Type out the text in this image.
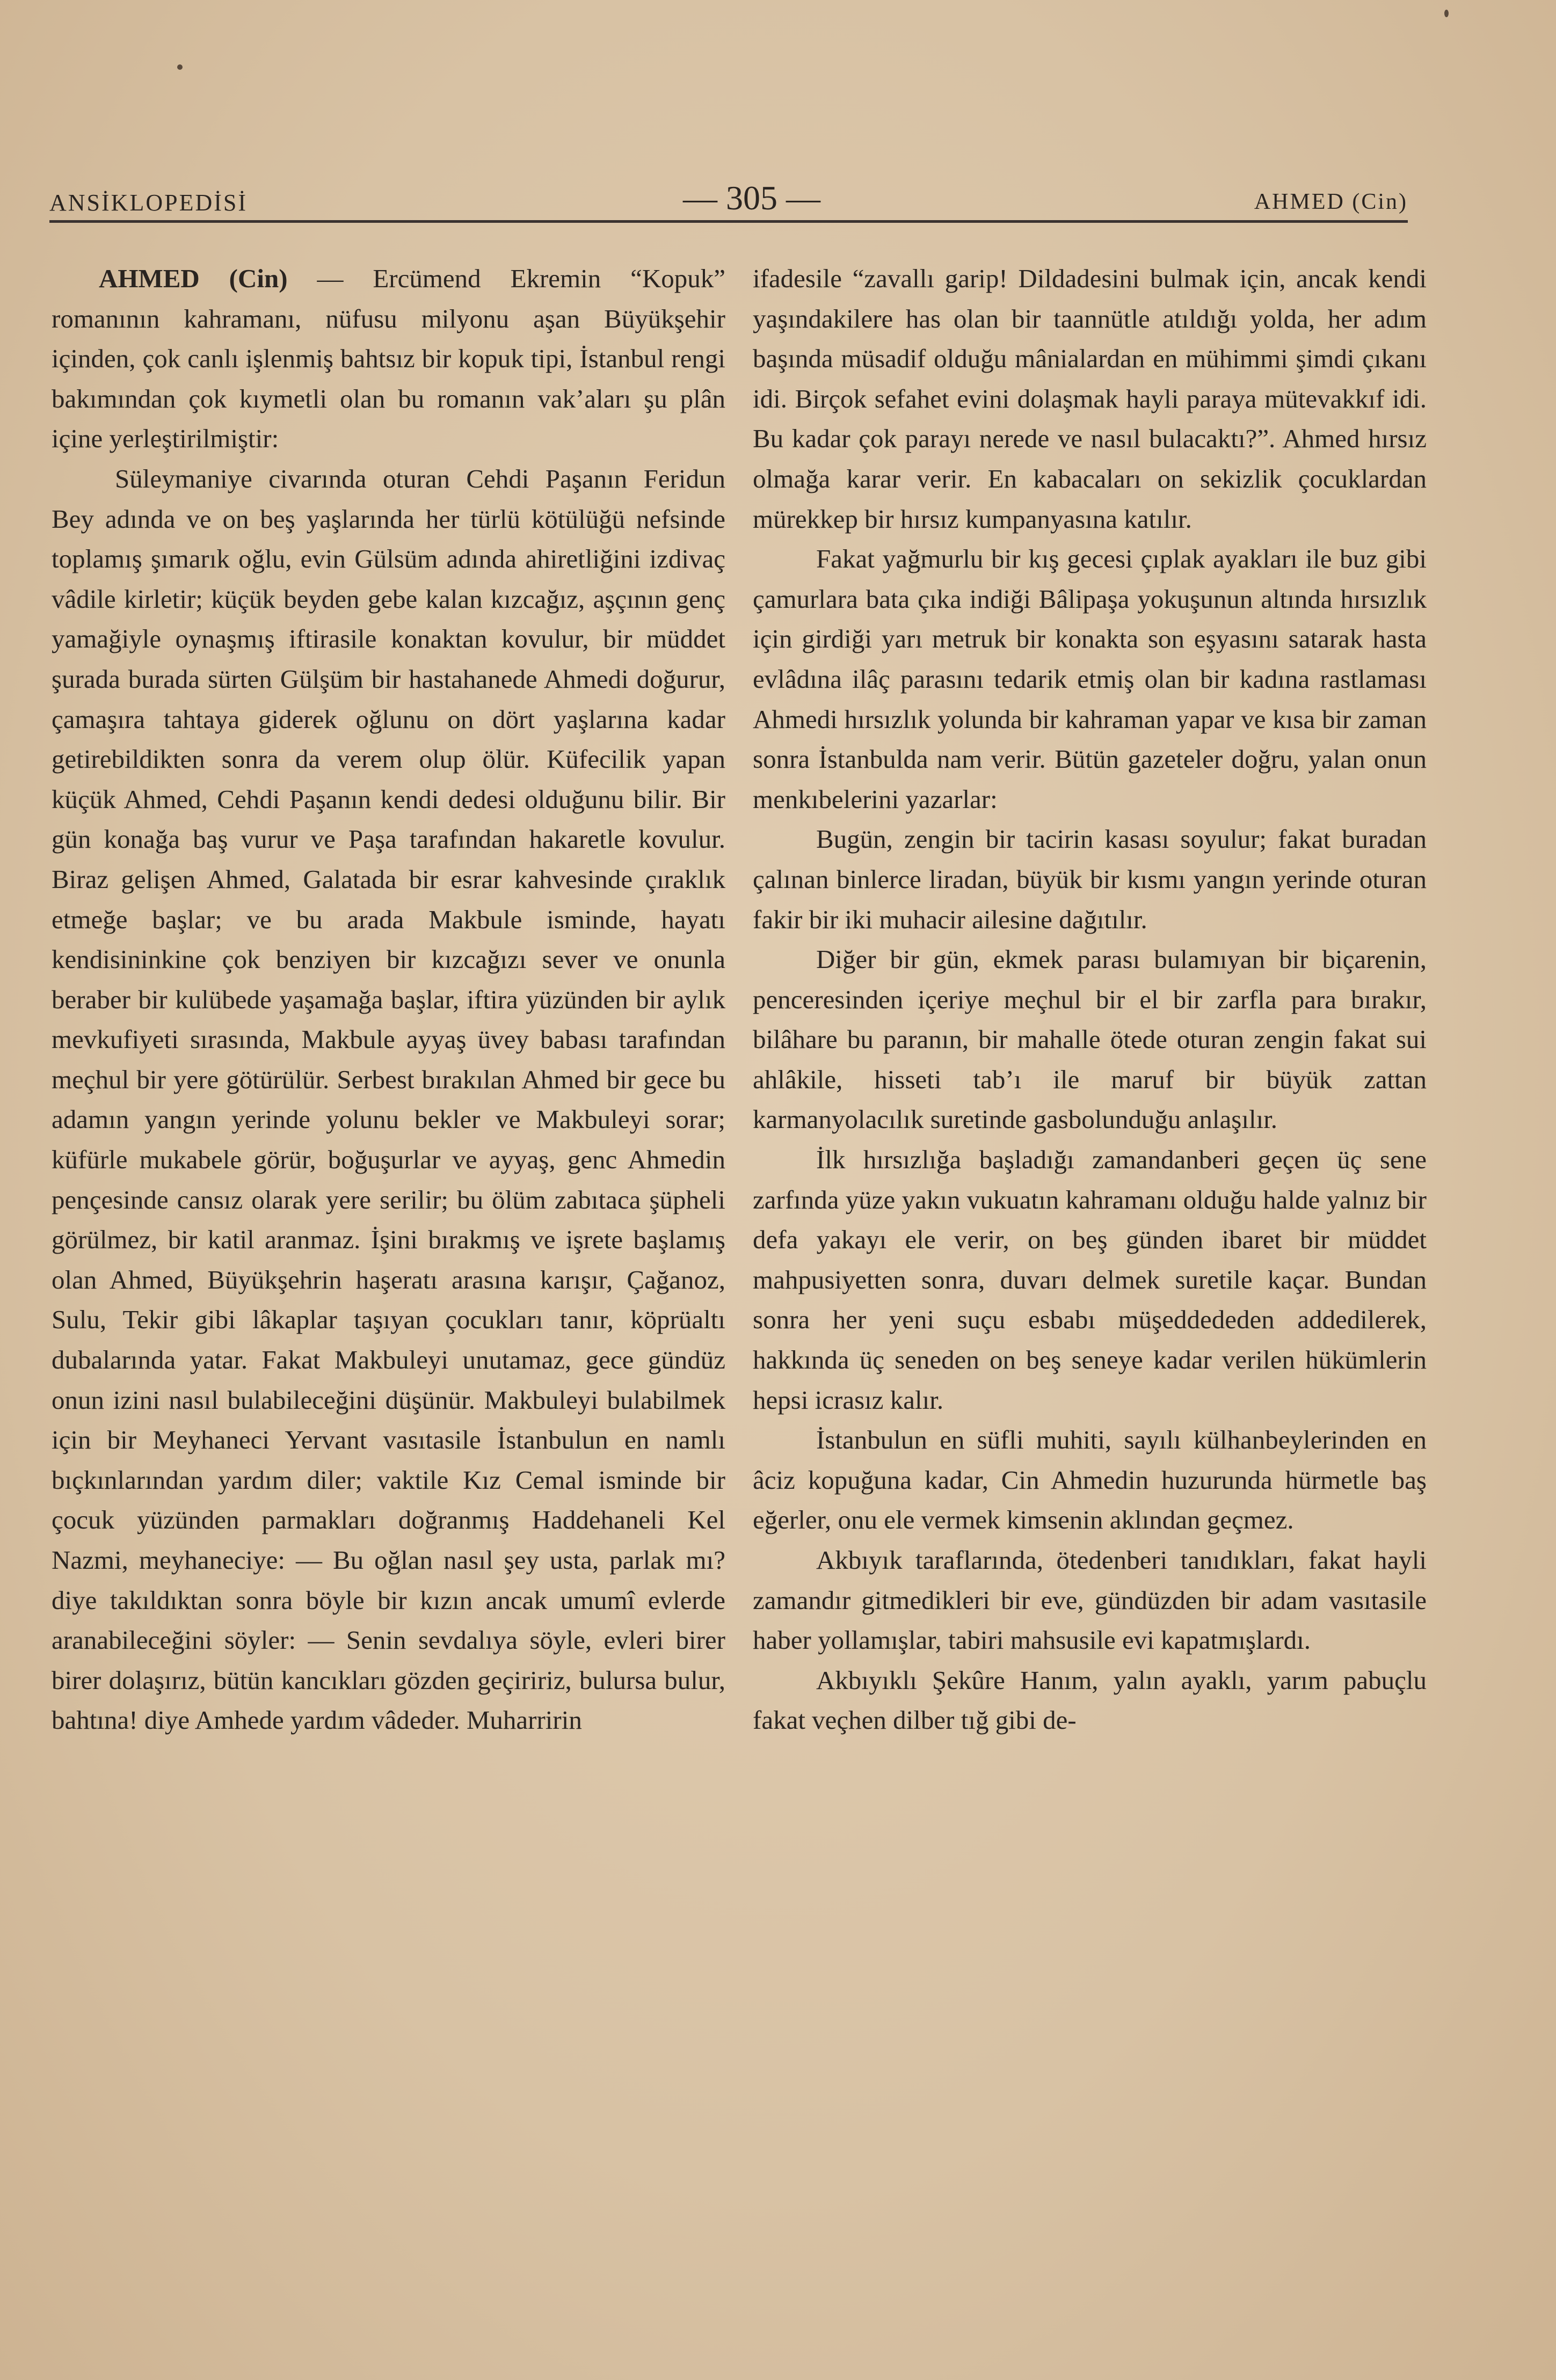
ANSİKLOPEDİSİ	— 305 —	AHMED (Cin)

AHMED (Cin) — Ercümend Ekremin “Kopuk” romanının kahramanı, nüfusu milyonu aşan Büyükşehir içinden, çok canlı işlenmiş bahtsız bir kopuk tipi, İstanbul rengi bakımından çok kıymetli olan bu romanın vak’aları şu plân içine yerleştirilmiştir:

Süleymaniye civarında oturan Cehdi Paşanın Feridun Bey adında ve on beş yaşlarında her türlü kötülüğü nefsinde toplamış şımarık oğlu, evin Gülsüm adında ahiretliğini izdivaç vâdile kirletir; küçük beyden gebe kalan kızcağız, aşçının genç yamağiyle oynaşmış iftirasile konaktan kovulur, bir müddet şurada burada sürten Gülşüm bir hastahanede Ahmedi doğurur, çamaşıra tahtaya giderek oğlunu on dört yaşlarına kadar getirebildikten sonra da verem olup ölür. Küfecilik yapan küçük Ahmed, Cehdi Paşanın kendi dedesi olduğunu bilir. Bir gün konağa baş vurur ve Paşa tarafından hakaretle kovulur. Biraz gelişen Ahmed, Galatada bir esrar kahvesinde çıraklık etmeğe başlar; ve bu arada Makbule isminde, hayatı kendisininkine çok benziyen bir kızcağızı sever ve onunla beraber bir kulübede yaşamağa başlar, iftira yüzünden bir aylık mevkufiyeti sırasında, Makbule ayyaş üvey babası tarafından meçhul bir yere götürülür. Serbest bırakılan Ahmed bir gece bu adamın yangın yerinde yolunu bekler ve Makbuleyi sorar; küfürle mukabele görür, boğuşurlar ve ayyaş, genc Ahmedin pençesinde cansız olarak yere serilir; bu ölüm zabıtaca şüpheli görülmez, bir katil aranmaz. İşini bırakmış ve işrete başlamış olan Ahmed, Büyükşehrin haşeratı arasına karışır, Çağanoz, Sulu, Tekir gibi lâkaplar taşıyan çocukları tanır, köprüaltı dubalarında yatar. Fakat Makbuleyi unutamaz, gece gündüz onun izini nasıl bulabileceğini düşünür. Makbuleyi bulabilmek için bir Meyhaneci Yervant vasıtasile İstanbulun en namlı bıçkınlarından yardım diler; vaktile Kız Cemal isminde bir çocuk yüzünden parmakları doğranmış Haddehaneli Kel Nazmi, meyhaneciye: — Bu oğlan nasıl şey usta, parlak mı? diye takıldıktan sonra böyle bir kızın ancak umumî evlerde aranabileceğini söyler: — Senin sevdalıya söyle, evleri birer birer dolaşırız, bütün kancıkları gözden geçiririz, bulursa bulur, bahtına! diye Amhede yardım vâdeder. Muharririn

ifadesile “zavallı garip! Dildadesini bulmak için, ancak kendi yaşındakilere has olan bir taannütle atıldığı yolda, her adım başında müsadif olduğu mânialardan en mühimmi şimdi çıkanı idi. Birçok sefahet evini dolaşmak hayli paraya mütevakkıf idi. Bu kadar çok parayı nerede ve nasıl bulacaktı?”. Ahmed hırsız olmağa karar verir. En kabacaları on sekizlik çocuklardan mürekkep bir hırsız kumpanyasına katılır.

Fakat yağmurlu bir kış gecesi çıplak ayakları ile buz gibi çamurlara bata çıka indiği Bâlipaşa yokuşunun altında hırsızlık için girdiği yarı metruk bir konakta son eşyasını satarak hasta evlâdına ilâç parasını tedarik etmiş olan bir kadına rastlaması Ahmedi hırsızlık yolunda bir kahraman yapar ve kısa bir zaman sonra İstanbulda nam verir. Bütün gazeteler doğru, yalan onun menkıbelerini yazarlar:

Bugün, zengin bir tacirin kasası soyulur; fakat buradan çalınan binlerce liradan, büyük bir kısmı yangın yerinde oturan fakir bir iki muhacir ailesine dağıtılır.

Diğer bir gün, ekmek parası bulamıyan bir biçarenin, penceresinden içeriye meçhul bir el bir zarfla para bırakır, bilâhare bu paranın, bir mahalle ötede oturan zengin fakat sui ahlâkile, hisseti tab’ı ile maruf bir büyük zattan karmanyolacılık suretinde gasbolunduğu anlaşılır.

İlk hırsızlığa başladığı zamandanberi geçen üç sene zarfında yüze yakın vukuatın kahramanı olduğu halde yalnız bir defa yakayı ele verir, on beş günden ibaret bir müddet mahpusiyetten sonra, duvarı delmek suretile kaçar. Bundan sonra her yeni suçu esbabı müşeddededen addedilerek, hakkında üç seneden on beş seneye kadar verilen hükümlerin hepsi icrasız kalır.

İstanbulun en süfli muhiti, sayılı külhanbeylerinden en âciz kopuğuna kadar, Cin Ahmedin huzurunda hürmetle baş eğerler, onu ele vermek kimsenin aklından geçmez.

Akbıyık taraflarında, ötedenberi tanıdıkları, fakat hayli zamandır gitmedikleri bir eve, gündüzden bir adam vasıtasile haber yollamışlar, tabiri mahsusile evi kapatmışlardı.

Akbıyıklı Şekûre Hanım, yalın ayaklı, yarım pabuçlu fakat veçhen dilber tığ gibi de-
